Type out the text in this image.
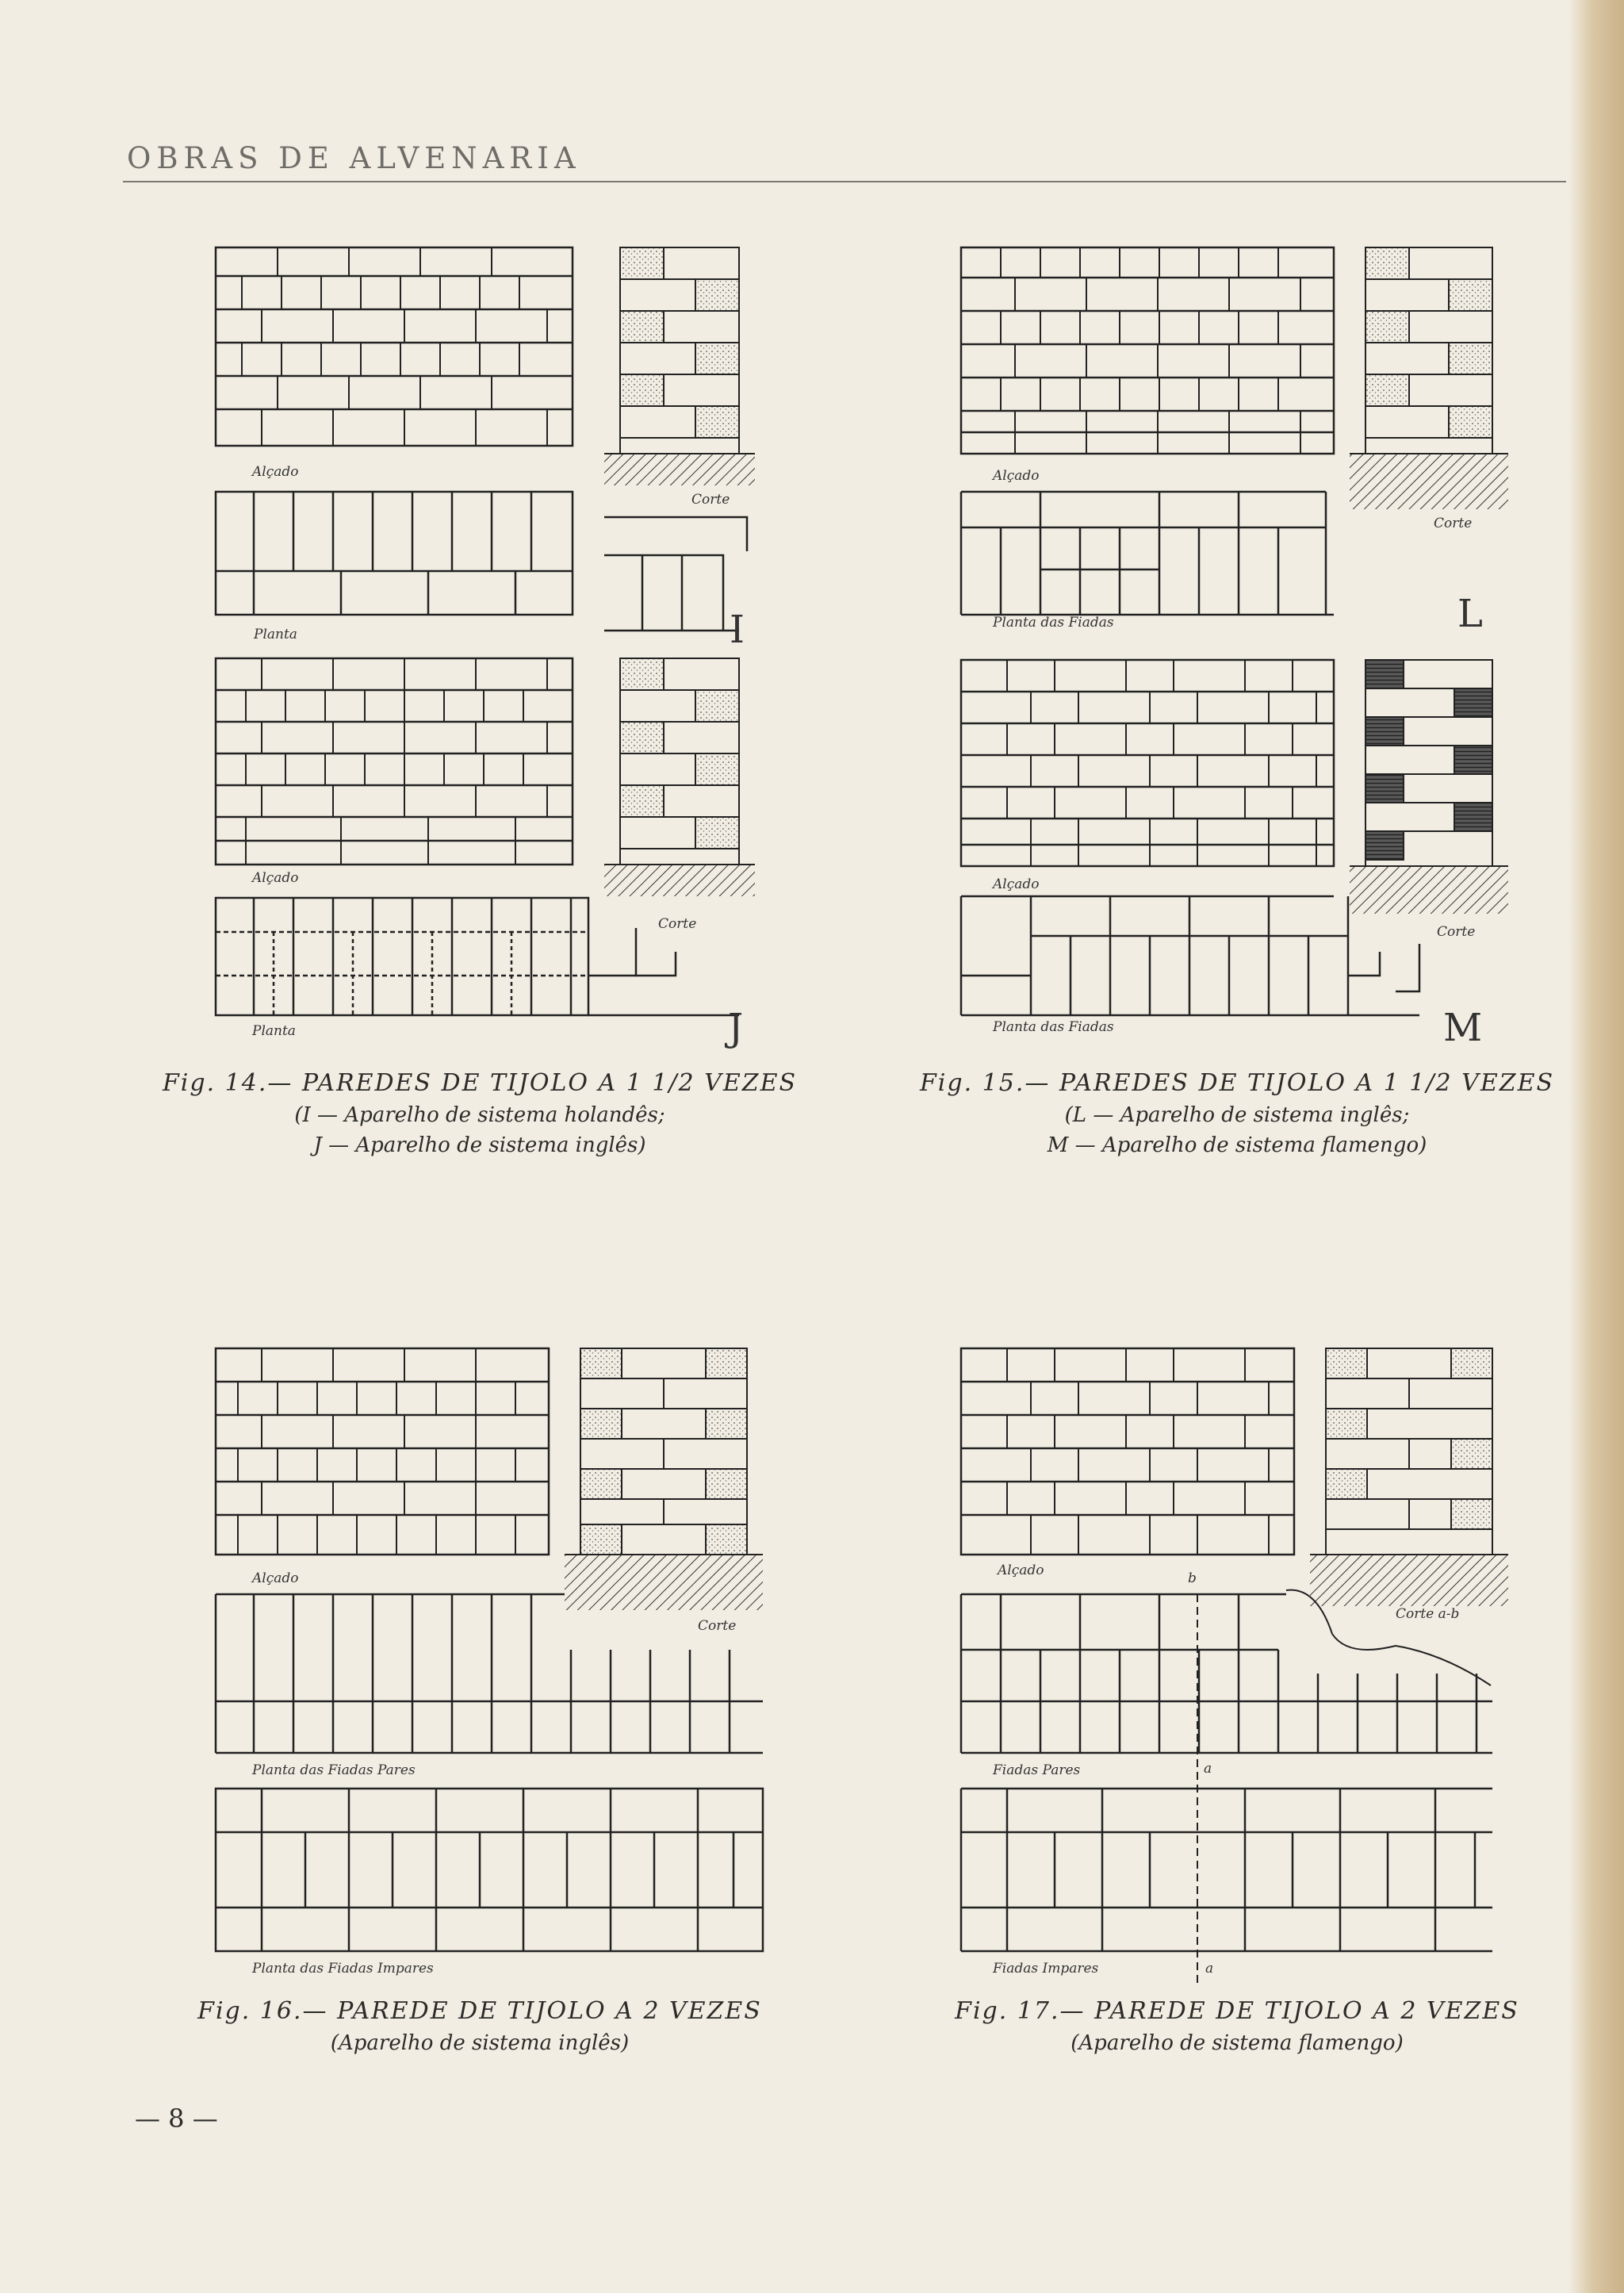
OBRAS DE ALVENARIA
Alçado
Corte
Planta	I
Alçado
Corte
Planta	J
Fig. 14.— PAREDES DE TIJOLO A 1 1/2 VEZES
(I — Aparelho de sistema holandês;
J — Aparelho de sistema inglês)
Alçado
Corte
Planta das Fiadas	L
Alçado
Corte
Planta das Fiadas	M
Fig. 15.— PAREDES DE TIJOLO A 1 1/2 VEZES
(L — Aparelho de sistema inglês;
M — Aparelho de sistema flamengo)
Alçado
Corte
Planta das Fiadas Pares
Planta das Fiadas Impares
Fig. 16.— PAREDE DE TIJOLO A 2 VEZES
(Aparelho de sistema inglês)
Alçado
Corte a-b
Fiadas Pares
b
a
Fiadas Impares	a
Fig. 17.— PAREDE DE TIJOLO A 2 VEZES
(Aparelho de sistema flamengo)
— 8 —
